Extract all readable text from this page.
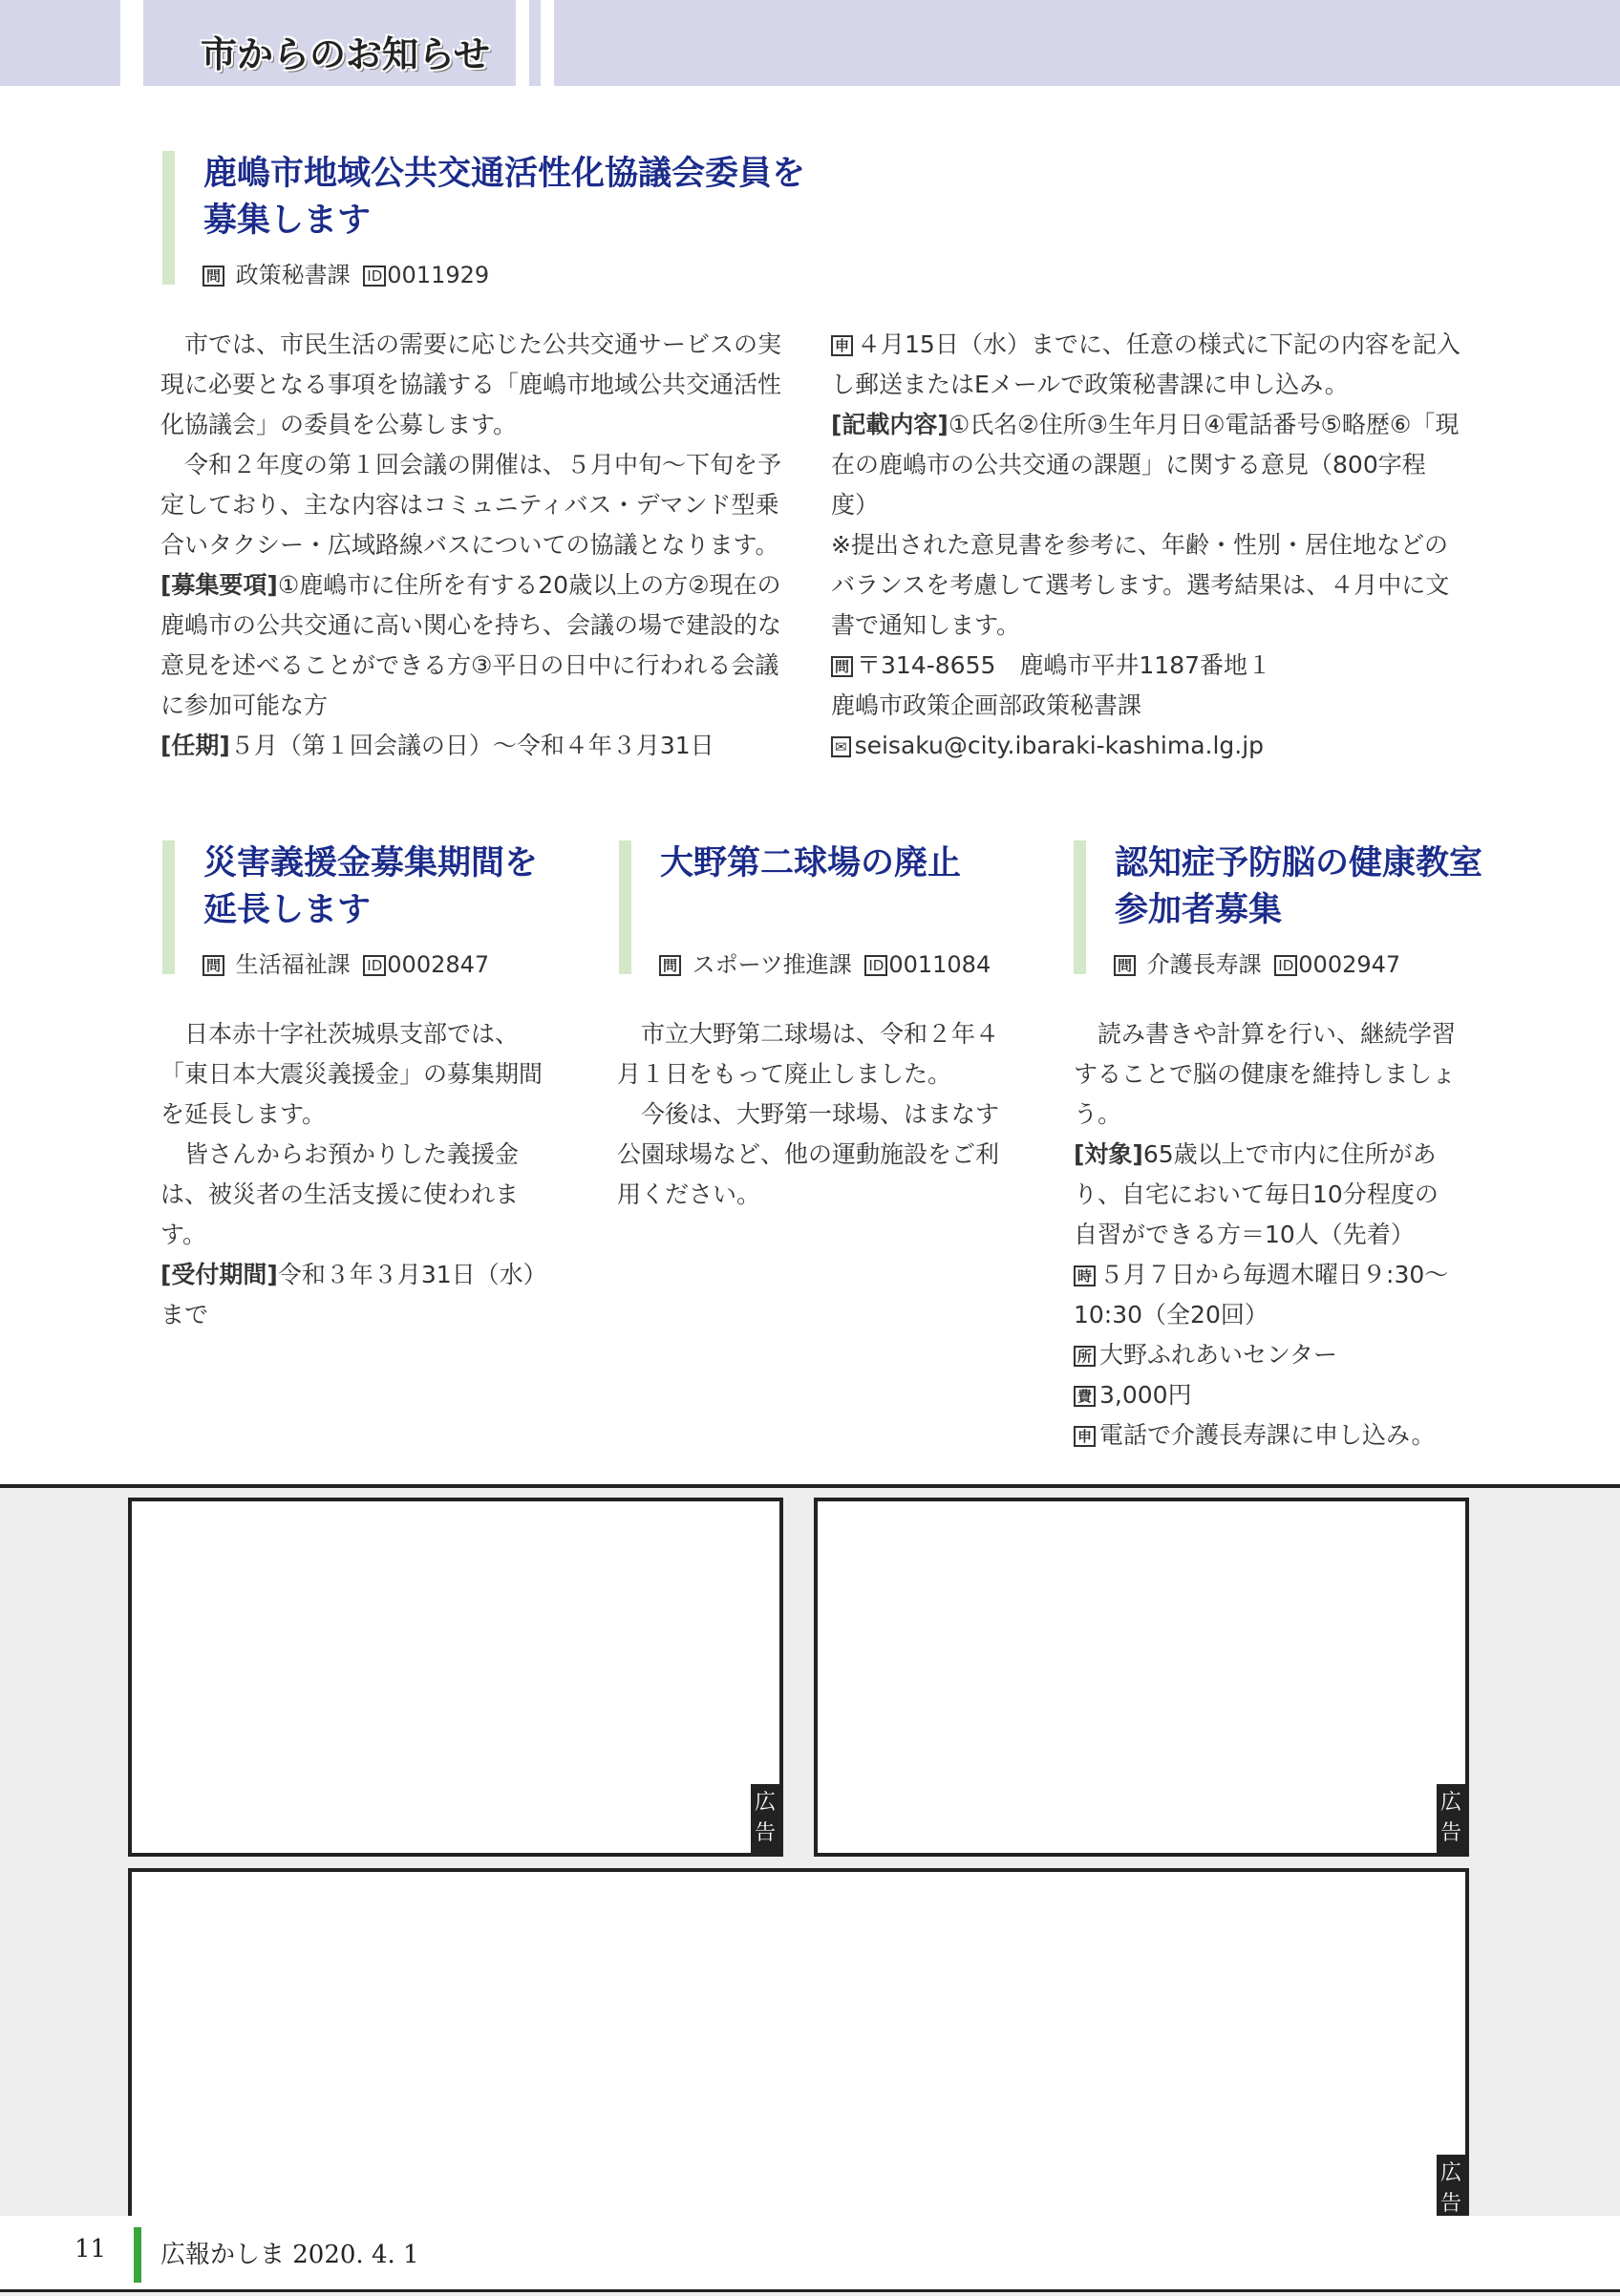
市からのお知らせ
鹿嶋市地域公共交通活性化協議会委員を
募集します
問 政策秘書課 ID 0011929

市では、市民生活の需要に応じた公共交通サービスの実現に必要となる事項を協議する「鹿嶋市地域公共交通活性化協議会」の委員を公募します。

令和２年度の第１回会議の開催は、５月中旬〜下旬を予定しており、主な内容はコミュニティバス・デマンド型乗合いタクシー・広域路線バスについての協議となります。

[募集要項]①鹿嶋市に住所を有する20歳以上の方②現在の鹿嶋市の公共交通に高い関心を持ち、会議の場で建設的な意見を述べることができる方③平日の日中に行われる会議に参加可能な方

[任期]５月（第１回会議の日）〜令和４年３月31日

申 ４月15日（水）までに、任意の様式に下記の内容を記入し郵送またはEメールで政策秘書課に申し込み。

[記載内容]①氏名②住所③生年月日④電話番号⑤略歴⑥「現在の鹿嶋市の公共交通の課題」に関する意見（800字程度）

※提出された意見書を参考に、年齢・性別・居住地などのバランスを考慮して選考します。選考結果は、４月中に文書で通知します。

問 〒314-8655　鹿嶋市平井1187番地１

鹿嶋市政策企画部政策秘書課

✉ seisaku@city.ibaraki-kashima.lg.jp

災害義援金募集期間を
延長します
問 生活福祉課 ID 0002847

日本赤十字社茨城県支部では、「東日本大震災義援金」の募集期間を延長します。

皆さんからお預かりした義援金は、被災者の生活支援に使われます。

[受付期間]令和３年３月31日（水）まで

大野第二球場の廃止
問 スポーツ推進課 ID 0011084

市立大野第二球場は、令和２年４月１日をもって廃止しました。

今後は、大野第一球場、はまなす公園球場など、他の運動施設をご利用ください。

認知症予防脳の健康教室
参加者募集
問 介護長寿課 ID 0002947

読み書きや計算を行い、継続学習することで脳の健康を維持しましょう。

[対象]65歳以上で市内に住所があり、自宅において毎日10分程度の自習ができる方＝10人（先着）

時 ５月７日から毎週木曜日９:30〜10:30（全20回）

所 大野ふれあいセンター

費 3,000円

申 電話で介護長寿課に申し込み。

広告
広告
広告
11 広報かしま 2020. 4. 1
